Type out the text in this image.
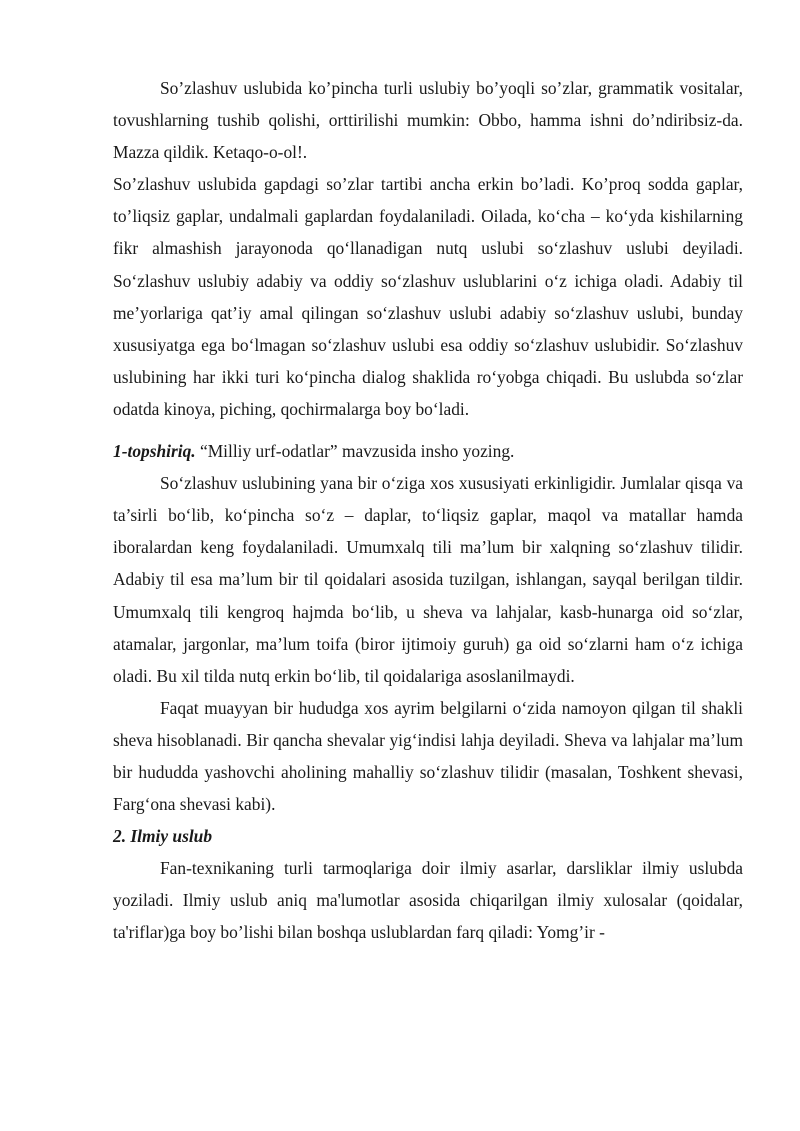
So’zlashuv uslubida ko’pincha turli uslubiy bo’yoqli so’zlar, grammatik vositalar, tovushlarning tushib qolishi, orttirilishi mumkin: Obbo, hamma ishni do’ndiribsiz-da. Mazza qildik. Ketaqo-o-ol!.

So’zlashuv uslubida gapdagi so’zlar tartibi ancha erkin bo’ladi. Ko’proq sodda gaplar, to’liqsiz gaplar, undalmali gaplardan foydalaniladi. Oilada, ko‘cha – ko‘yda kishilarning fikr almashish jarayonoda qo‘llanadigan nutq uslubi so‘zlashuv uslubi deyiladi. So‘zlashuv uslubiy adabiy va oddiy so‘zlashuv uslublarini o‘z ichiga oladi. Adabiy til me’yorlariga qat’iy amal qilingan so‘zlashuv uslubi adabiy so‘zlashuv uslubi, bunday xususiyatga ega bo‘lmagan so‘zlashuv uslubi esa oddiy so‘zlashuv uslubidir. So‘zlashuv uslubining har ikki turi ko‘pincha dialog shaklida ro‘yobga chiqadi. Bu uslubda so‘zlar odatda kinoya, piching, qochirmalarga boy bo‘ladi.

1-topshiriq. “Milliy urf-odatlar” mavzusida insho yozing.

So‘zlashuv uslubining yana bir o‘ziga xos xususiyati erkinligidir. Jumlalar qisqa va ta’sirli bo‘lib, ko‘pincha so‘z – daplar, to‘liqsiz gaplar, maqol va matallar hamda iboralardan keng foydalaniladi. Umumxalq tili ma’lum bir xalqning so‘zlashuv tilidir. Adabiy til esa ma’lum bir til qoidalari asosida tuzilgan, ishlangan, sayqal berilgan tildir. Umumxalq tili kengroq hajmda bo‘lib, u sheva va lahjalar, kasb-hunarga oid so‘zlar, atamalar, jargonlar, ma’lum toifa (biror ijtimoiy guruh) ga oid so‘zlarni ham o‘z ichiga oladi. Bu xil tilda nutq erkin bo‘lib, til qoidalariga asoslanilmaydi.

Faqat muayyan bir hududga xos ayrim belgilarni o‘zida namoyon qilgan til shakli sheva hisoblanadi. Bir qancha shevalar yig‘indisi lahja deyiladi. Sheva va lahjalar ma’lum bir hududda yashovchi aholining mahalliy so‘zlashuv tilidir (masalan, Toshkent shevasi, Farg‘ona shevasi kabi).

2. Ilmiy uslub

Fan-texnikaning turli tarmoqlariga doir ilmiy asarlar, darsliklar ilmiy uslubda yoziladi. Ilmiy uslub aniq ma'lumotlar asosida chiqarilgan ilmiy xulosalar (qoidalar, ta'riflar)ga boy bo’lishi bilan boshqa uslublardan farq qiladi: Yomg’ir -
